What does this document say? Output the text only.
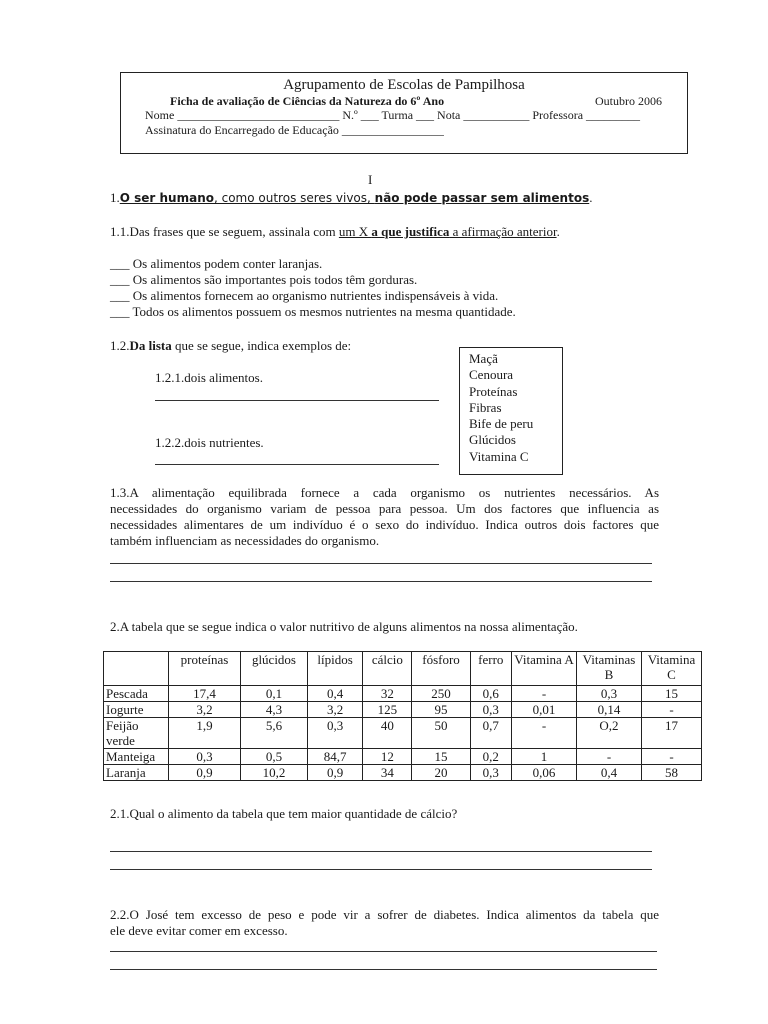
Agrupamento de Escolas de Pampilhosa
Ficha de avaliação de Ciências da Natureza do 6º Ano	Outubro 2006
Nome ___________________________ N.º ___ Turma ___ Nota ___________ Professora _________
Assinatura do Encarregado de Educação _________________
I
1.O ser humano, como outros seres vivos, não pode passar sem alimentos.
1.1.Das frases que se seguem, assinala com um X a que justifica a afirmação anterior.
___ Os alimentos podem conter laranjas.
___ Os alimentos são importantes pois todos têm gorduras.
___ Os alimentos fornecem ao organismo nutrientes indispensáveis à vida.
___ Todos os alimentos possuem os mesmos nutrientes na mesma quantidade.
1.2.Da lista que se segue, indica exemplos de:
1.2.1.dois alimentos.
1.2.2.dois nutrientes.
Maçã
Cenoura
Proteínas
Fibras
Bife de peru
Glúcidos
Vitamina C
1.3.A alimentação equilibrada fornece a cada organismo os nutrientes necessários. As
necessidades do organismo variam de pessoa para pessoa. Um dos factores que influencia as
necessidades alimentares de um indivíduo é o sexo do indivíduo. Indica outros dois factores que
também influenciam as necessidades do organismo.
2.A tabela que se segue indica o valor nutritivo de alguns alimentos na nossa alimentação.
	proteínas	glúcidos	lípidos	cálcio	fósforo	ferro	Vitamina A	Vitaminas B	Vitamina C
Pescada	17,4	0,1	0,4	32	250	0,6	-	0,3	15
Iogurte	3,2	4,3	3,2	125	95	0,3	0,01	0,14	-
Feijão verde	1,9	5,6	0,3	40	50	0,7	-	O,2	17
Manteiga	0,3	0,5	84,7	12	15	0,2	1	-	-
Laranja	0,9	10,2	0,9	34	20	0,3	0,06	0,4	58
2.1.Qual o alimento da tabela que tem maior quantidade de cálcio?
2.2.O José tem excesso de peso e pode vir a sofrer de diabetes. Indica alimentos da tabela que
ele deve evitar comer em excesso.
